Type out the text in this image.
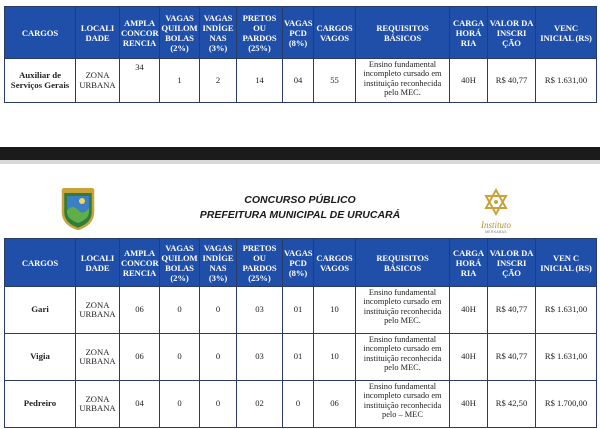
CARGOS	LOCALI DADE	AMPLA CONCOR RENCIA	VAGAS QUILOM BOLAS (2%)	VAGAS INDÍGE NAS (3%)	PRETOS OU PARDOS (25%)	VAGAS PCD (8%)	CARGOS VAGOS	REQUISITOS BÁSICOS	CARGA HORÁ RIA	VALOR DA INSCRI ÇÃO	VENC INICIAL (RS)
Auxiliar de Serviços Gerais	ZONA URBANA	34	1	2	14	04	55	Ensino fundamental incompleto cursado em instituição reconhecida pelo MEC.	40H	R$ 40,77	R$ 1.631,00
CONCURSO PÚBLICO
PREFEITURA MUNICIPAL DE URUCARÁ
Instituto
MERKABAS
CARGOS	LOCALI DADE	AMPLA CONCOR RENCIA	VAGAS QUILOM BOLAS (2%)	VAGAS INDÍGE NAS (3%)	PRETOS OU PARDOS (25%)	VAGAS PCD (8%)	CARGOS VAGOS	REQUISITOS BÁSICOS	CARGA HORÁ RIA	VALOR DA INSCRI ÇÃO	VEN C INICIAL (RS)
Gari	ZONA URBANA	06	0	0	03	01	10	Ensino fundamental incompleto cursado em instituição reconhecida pelo MEC.	40H	R$ 40,77	R$ 1.631,00
Vigia	ZONA URBANA	06	0	0	03	01	10	Ensino fundamental incompleto cursado em instituição reconhecida pelo MEC.	40H	R$ 40,77	R$ 1.631,00
Pedreiro	ZONA URBANA	04	0	0	02	0	06	Ensino fundamental incompleto cursado em instituição reconhecida pelo – MEC	40H	R$ 42,50	R$ 1.700,00
